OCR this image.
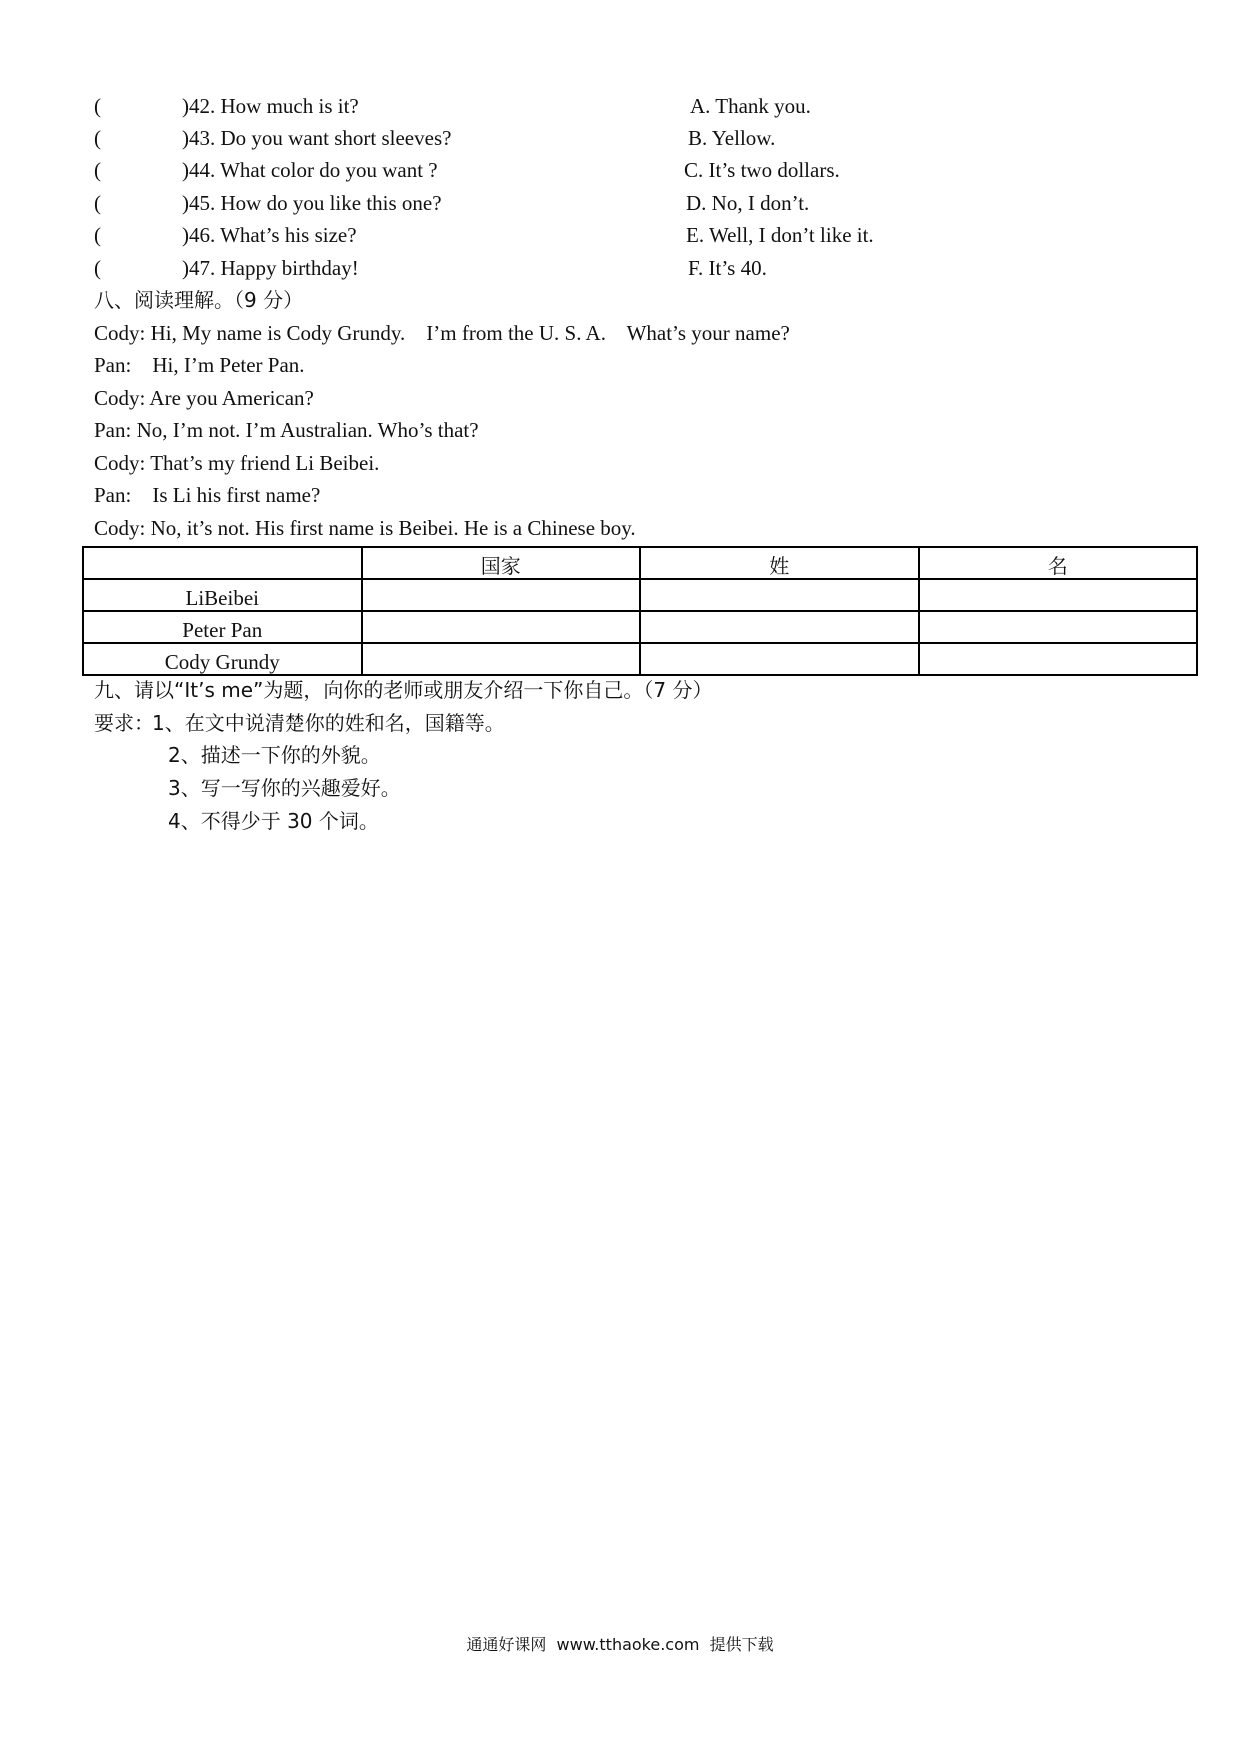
(	)42. How much is it?	A. Thank you.
(	)43. Do you want short sleeves?	B. Yellow.
(	)44. What color do you want ?	C. It’s two dollars.
(	)45. How do you like this one?	D. No, I don’t.
(	)46. What’s his size?	E. Well, I don’t like it.
(	)47. Happy birthday!	F. It’s 40.
八、阅读理解。（9 分）
Cody: Hi, My name is Cody Grundy.    I’m from the U. S. A.    What’s your name?
Pan:    Hi, I’m Peter Pan.
Cody: Are you American?
Pan: No, I’m not. I’m Australian. Who’s that?
Cody: That’s my friend Li Beibei.
Pan:    Is Li his first name?
Cody: No, it’s not. His first name is Beibei. He is a Chinese boy.
	国家	姓	名
LiBeibei			
Peter Pan			
Cody Grundy			
九、请以“It’s me”为题，向你的老师或朋友介绍一下你自己。（7 分）
要求：
1、在文中说清楚你的姓和名，国籍等。
2、描述一下你的外貌。
3、写一写你的兴趣爱好。
4、不得少于 30 个词。
通通好课网  www.tthaoke.com  提供下载
